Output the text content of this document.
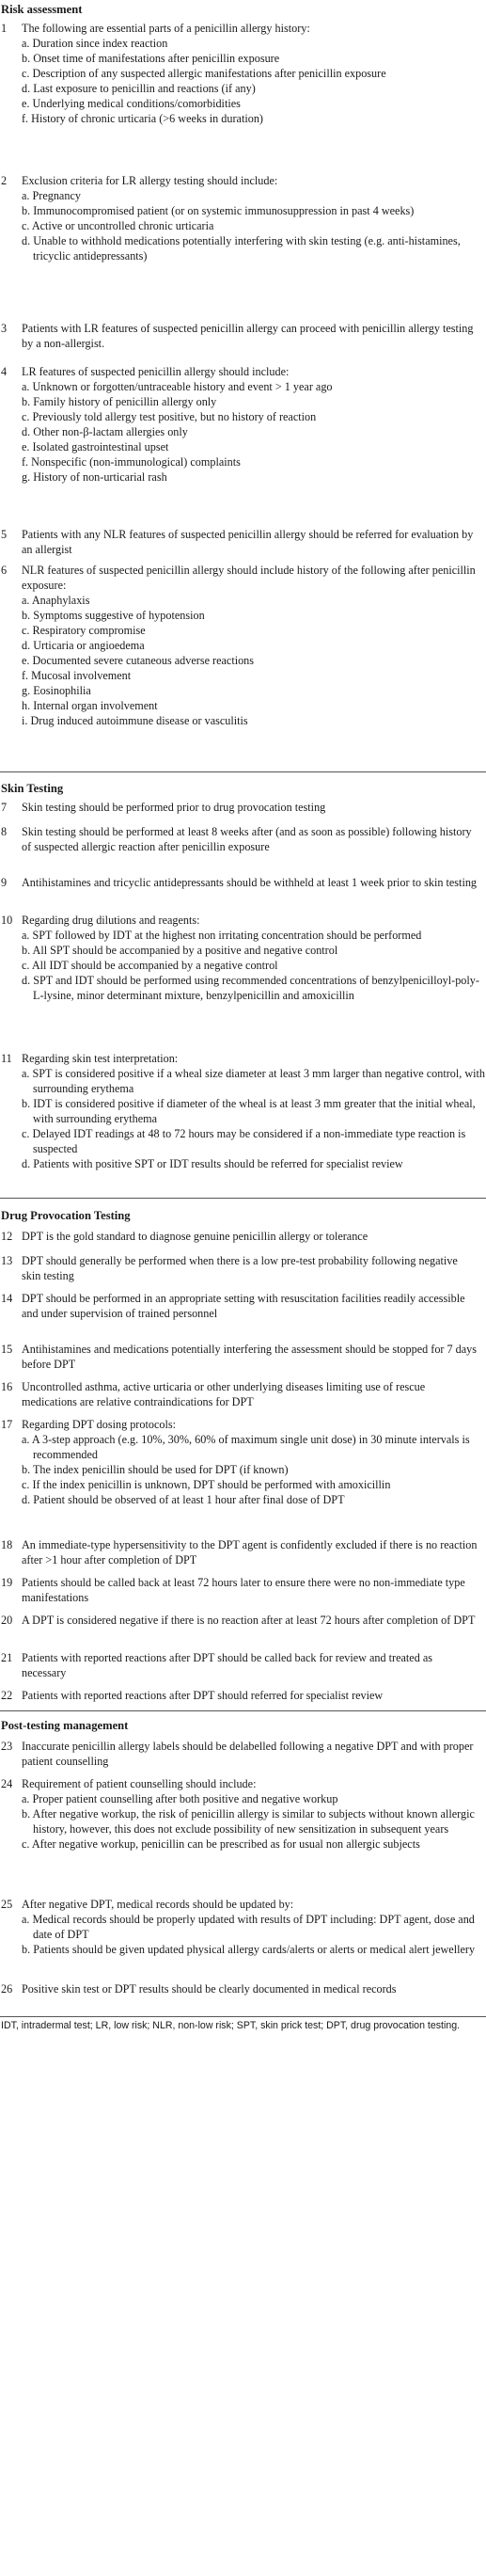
Risk assessment
1	The following are essential parts of a penicillin allergy history:
a. Duration since index reaction
b. Onset time of manifestations after penicillin exposure
c. Description of any suspected allergic manifestations after penicillin exposure
d. Last exposure to penicillin and reactions (if any)
e. Underlying medical conditions/comorbidities
f. History of chronic urticaria (>6 weeks in duration)
2	Exclusion criteria for LR allergy testing should include:
a. Pregnancy
b. Immunocompromised patient (or on systemic immunosuppression in past 4 weeks)
c. Active or uncontrolled chronic urticaria
d. Unable to withhold medications potentially interfering with skin testing (e.g. anti-histamines, tricyclic antidepressants)
3	Patients with LR features of suspected penicillin allergy can proceed with penicillin allergy testing by a non-allergist.
4	LR features of suspected penicillin allergy should include:
a. Unknown or forgotten/untraceable history and event > 1 year ago
b. Family history of penicillin allergy only
c. Previously told allergy test positive, but no history of reaction
d. Other non-β-lactam allergies only
e. Isolated gastrointestinal upset
f. Nonspecific (non-immunological) complaints
g. History of non-urticarial rash
5	Patients with any NLR features of suspected penicillin allergy should be referred for evaluation by an allergist
6	NLR features of suspected penicillin allergy should include history of the following after penicillin exposure:
a. Anaphylaxis
b. Symptoms suggestive of hypotension
c. Respiratory compromise
d. Urticaria or angioedema
e. Documented severe cutaneous adverse reactions
f. Mucosal involvement
g. Eosinophilia
h. Internal organ involvement
i. Drug induced autoimmune disease or vasculitis
Skin Testing
7	Skin testing should be performed prior to drug provocation testing
8	Skin testing should be performed at least 8 weeks after (and as soon as possible) following history of suspected allergic reaction after penicillin exposure
9	Antihistamines and tricyclic antidepressants should be withheld at least 1 week prior to skin testing
10 Regarding drug dilutions and reagents:
a. SPT followed by IDT at the highest non irritating concentration should be performed
b. All SPT should be accompanied by a positive and negative control
c. All IDT should be accompanied by a negative control
d. SPT and IDT should be performed using recommended concentrations of benzylpenicilloyl-poly-L-lysine, minor determinant mixture, benzylpenicillin and amoxicillin
11 Regarding skin test interpretation:
a. SPT is considered positive if a wheal size diameter at least 3 mm larger than negative control, with surrounding erythema
b. IDT is considered positive if diameter of the wheal is at least 3 mm greater that the initial wheal, with surrounding erythema
c. Delayed IDT readings at 48 to 72 hours may be considered if a non-immediate type reaction is suspected
d. Patients with positive SPT or IDT results should be referred for specialist review
Drug Provocation Testing
12 DPT is the gold standard to diagnose genuine penicillin allergy or tolerance
13 DPT should generally be performed when there is a low pre-test probability following negative skin testing
14 DPT should be performed in an appropriate setting with resuscitation facilities readily accessible and under supervision of trained personnel
15 Antihistamines and medications potentially interfering the assessment should be stopped for 7 days before DPT
16 Uncontrolled asthma, active urticaria or other underlying diseases limiting use of rescue medications are relative contraindications for DPT
17 Regarding DPT dosing protocols:
a. A 3-step approach (e.g. 10%, 30%, 60% of maximum single unit dose) in 30 minute intervals is recommended
b. The index penicillin should be used for DPT (if known)
c. If the index penicillin is unknown, DPT should be performed with amoxicillin
d. Patient should be observed of at least 1 hour after final dose of DPT
18 An immediate-type hypersensitivity to the DPT agent is confidently excluded if there is no reaction after >1 hour after completion of DPT
19 Patients should be called back at least 72 hours later to ensure there were no non-immediate type manifestations
20 A DPT is considered negative if there is no reaction after at least 72 hours after completion of DPT
21 Patients with reported reactions after DPT should be called back for review and treated as necessary
22 Patients with reported reactions after DPT should referred for specialist review
Post-testing management
23 Inaccurate penicillin allergy labels should be delabelled following a negative DPT and with proper patient counselling
24 Requirement of patient counselling should include:
a. Proper patient counselling after both positive and negative workup
b. After negative workup, the risk of penicillin allergy is similar to subjects without known allergic history, however, this does not exclude possibility of new sensitization in subsequent years
c. After negative workup, penicillin can be prescribed as for usual non allergic subjects
25 After negative DPT, medical records should be updated by:
a. Medical records should be properly updated with results of DPT including: DPT agent, dose and date of DPT
b. Patients should be given updated physical allergy cards/alerts or alerts or medical alert jewellery
26 Positive skin test or DPT results should be clearly documented in medical records
IDT, intradermal test; LR, low risk; NLR, non-low risk; SPT, skin prick test; DPT, drug provocation testing.
